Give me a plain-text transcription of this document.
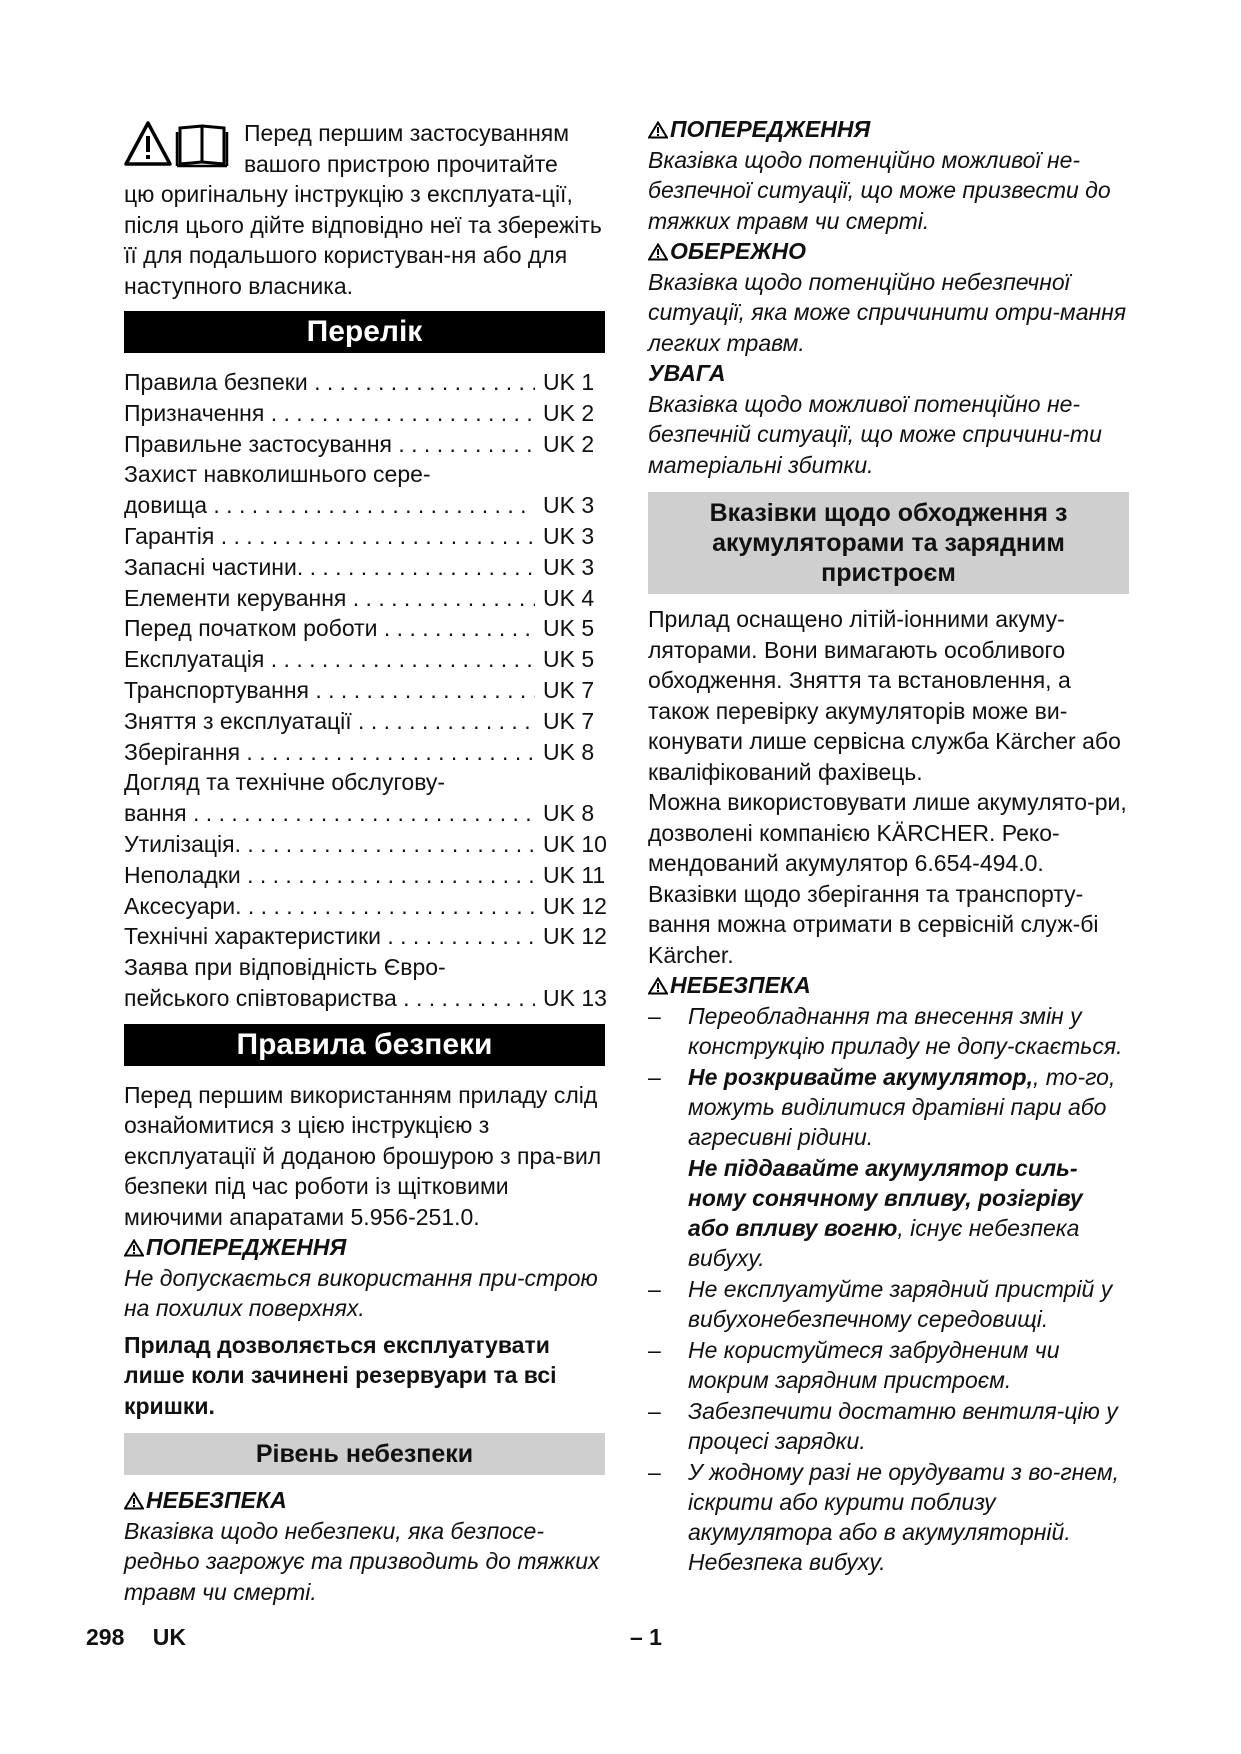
Перед першим застосуванням вашого пристрою прочитайте

цю оригінальну інструкцію з експлуата-ції, після цього дійте відповідно неї та збережіть її для подальшого користуван-ня або для наступного власника.

Перелік
Правила безпеки . . .	UK 1
Призначення . . .	UK 2
Правильне застосування . . .	UK 2
Захист навколишнього сере-
довища . . .	UK 3
Гарантія . . .	UK 3
Запасні частини. . . .	UK 3
Елементи керування . . .	UK 4
Перед початком роботи . . .	UK 5
Експлуатація . . .	UK 5
Транспортування . . .	UK 7
Зняття з експлуатації . . .	UK 7
Зберігання . . .	UK 8
Догляд та технічне обслугову-
вання . . .	UK 8
Утилізація. . . .	UK 10
Неполадки . . .	UK 11
Аксесуари. . . .	UK 12
Технічні характеристики . . .	UK 12
Заява при відповідність Євро-
пейського співтовариства . . .	UK 13
Правила безпеки

Перед першим використанням приладу слід ознайомитися з цією інструкцією з експлуатації й доданою брошурою з пра-вил безпеки під час роботи із щітковими миючими апаратами 5.956-251.0.

ПОПЕРЕДЖЕННЯ

Не допускається використання при-строю на похилих поверхнях.

Прилад дозволяється експлуатувати лише коли зачинені резервуари та всі кришки.

Рівень небезпеки
НЕБЕЗПЕКА

Вказівка щодо небезпеки, яка безпосе-редньо загрожує та призводить до тяжких травм чи смерті.

ПОПЕРЕДЖЕННЯ

Вказівка щодо потенційно можливої не-безпечної ситуації, що може призвести до тяжких травм чи смерті.

ОБЕРЕЖНО

Вказівка щодо потенційно небезпечної ситуації, яка може спричинити отри-мання легких травм.

УВАГА

Вказівка щодо можливої потенційно не-безпечній ситуації, що може спричини-ти матеріальні збитки.

Вказівки щодо обходження з акумуляторами та зарядним пристроєм

Прилад оснащено літій-іонними акуму-ляторами. Вони вимагають особливого обходження. Зняття та встановлення, а також перевірку акумуляторів може ви-конувати лише сервісна служба Kärcher або кваліфікований фахівець.

Можна використовувати лише акумулято-ри, дозволені компанією KÄRCHER. Реко-мендований акумулятор 6.654-494.0.

Вказівки щодо зберігання та транспорту-вання можна отримати в сервісній служ-бі Kärcher.

НЕБЕЗПЕКА
– Переобладнання та внесення змін у конструкцію приладу не допу-скається.
– Не розкривайте акумулятор,, то-го, можуть виділитися дратівні пари або агресивні рідини.
Не піддавайте акумулятор силь-ному сонячному впливу, розігріву або впливу вогню, існує небезпека вибуху.
– Не експлуатуйте зарядний пристрій у вибухонебезпечному середовищі.
– Не користуйтеся забрудненим чи мокрим зарядним пристроєм.
– Забезпечити достатню вентиля-цію у процесі зарядки.
– У жодному разі не орудувати з во-гнем, іскрити або курити поблизу акумулятора або в акумуляторній. Небезпека вибуху.
298 UK	– 1
